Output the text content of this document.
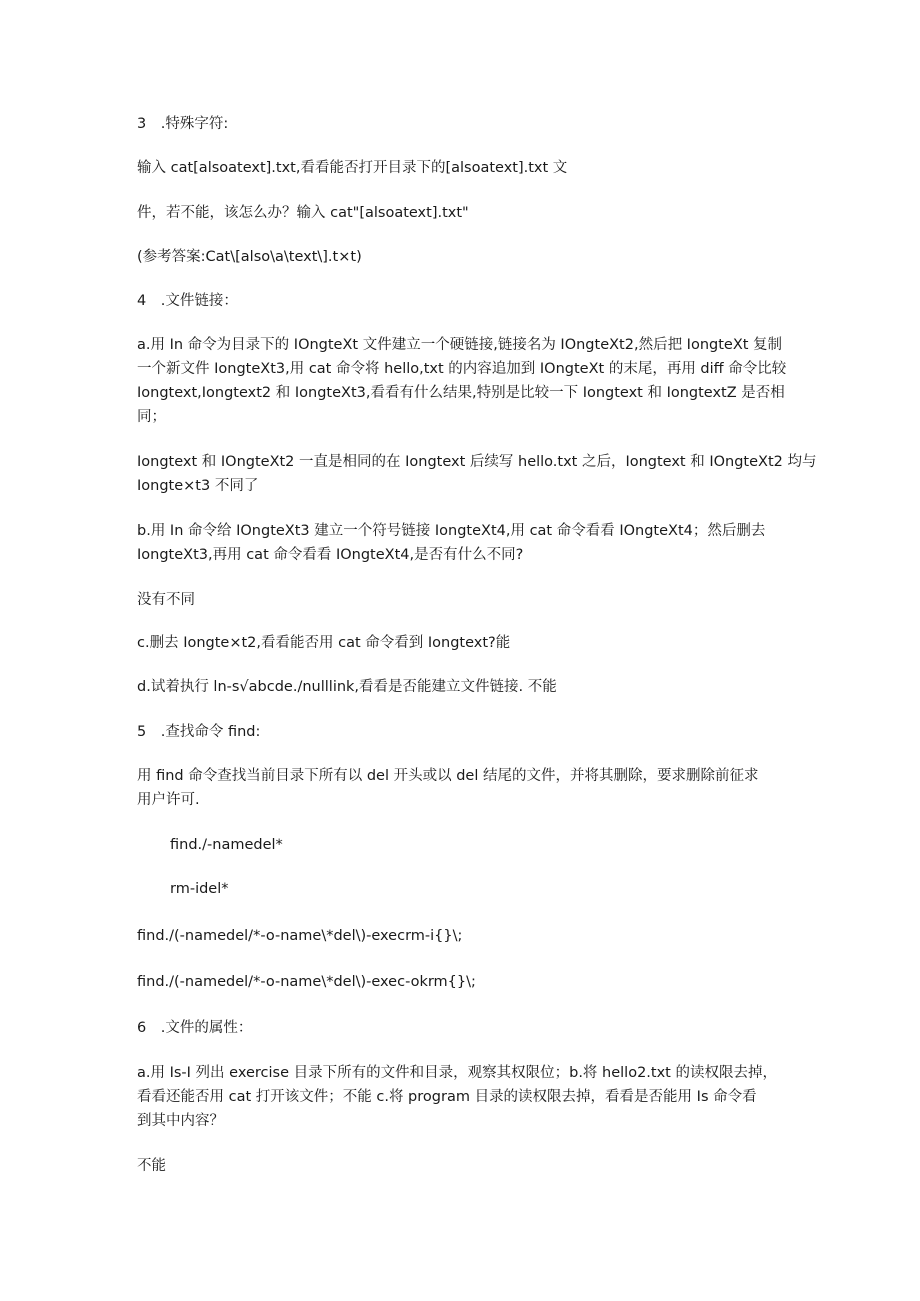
3　.特殊字符:
输入 cat[alsoatext].txt,看看能否打开目录下的[alsoatext].txt 文
件，若不能，该怎么办？输入 cat"[alsoatext].txt"
(参考答案:Cat\[also\a\text\].t×t)
4　.文件链接：
a.用 In 命令为目录下的 IOngteXt 文件建立一个硬链接,链接名为 IOngteXt2,然后把 IongteXt 复制
一个新文件 IongteXt3,用 cat 命令将 hello,txt 的内容追加到 IOngteXt 的末尾，再用 diff 命令比较
Iongtext,Iongtext2 和 IongteXt3,看看有什么结果,特别是比较一下 Iongtext 和 IongtextZ 是否相
同；
Iongtext 和 IOngteXt2 一直是相同的在 Iongtext 后续写 hello.txt 之后，Iongtext 和 IOngteXt2 均与
Iongte×t3 不同了
b.用 In 命令给 IOngteXt3 建立一个符号链接 IongteXt4,用 cat 命令看看 IOngteXt4；然后删去
IongteXt3,再用 cat 命令看看 IOngteXt4,是否有什么不同?
没有不同
c.删去 Iongte×t2,看看能否用 cat 命令看到 Iongtext?能
d.试着执行 ln-s√abcde./nulllink,看看是否能建立文件链接. 不能
5　.查找命令 find:
用 find 命令查找当前目录下所有以 del 开头或以 del 结尾的文件，并将其删除，要求删除前征求
用户许可.
find./-namedel*
rm-idel*
find./(-namedel/*-o-name\*del\)-execrm-i{}\;
find./(-namedel/*-o-name\*del\)-exec-okrm{}\;
6　.文件的属性：
a.用 Is-I 列出 exercise 目录下所有的文件和目录，观察其权限位；b.将 hello2.txt 的读权限去掉，
看看还能否用 cat 打开该文件；不能 c.将 program 目录的读权限去掉，看看是否能用 Is 命令看
到其中内容？
不能
